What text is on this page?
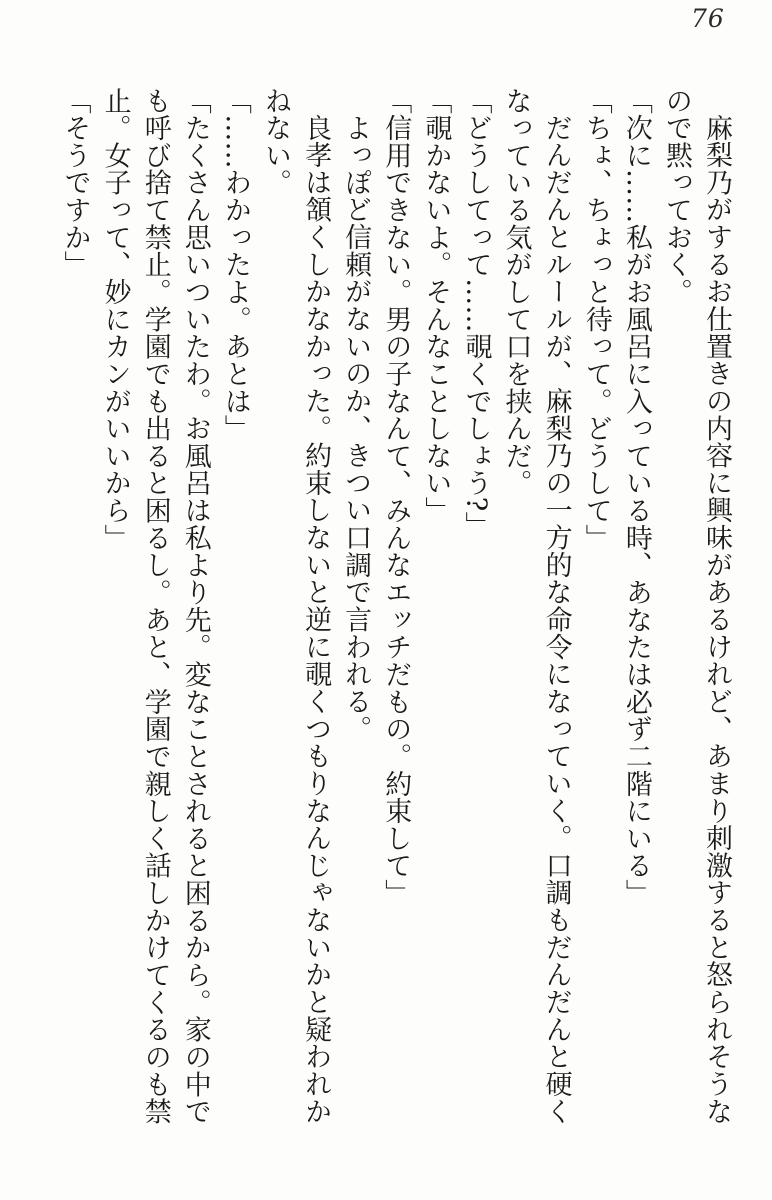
76
麻梨乃がするお仕置きの内容に興味があるけれど、あまり刺激すると怒られそうな
ので黙っておく。
「次に……私がお風呂に入っている時、あなたは必ず二階にいる」
「ちょ、ちょっと待って。どうして」
だんだんとルールが、麻梨乃の一方的な命令になっていく。口調もだんだんと硬く
なっている気がして口を挟んだ。
「どうしてって……覗くでしょう?」
「覗かないよ。そんなことしない」
「信用できない。男の子なんて、みんなエッチだもの。約束して」
よっぽど信頼がないのか、きつい口調で言われる。
良孝は頷くしかなかった。約束しないと逆に覗くつもりなんじゃないかと疑われか
ねない。
「……わかったよ。あとは」
「たくさん思いついたわ。お風呂は私より先。変なことされると困るから。家の中で
も呼び捨て禁止。学園でも出ると困るし。あと、学園で親しく話しかけてくるのも禁
止。女子って、妙にカンがいいから」
「そうですか」
